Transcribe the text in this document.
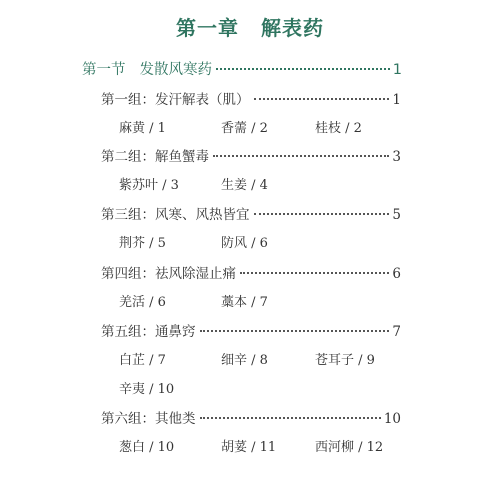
第一章 解表药
第一节 发散风寒药	1
第一组：发汗解表（肌）	1
麻黄 / 1	香薷 / 2	桂枝 / 2
第二组：解鱼蟹毒	3
紫苏叶 / 3	生姜 / 4
第三组：风寒、风热皆宜	5
荆芥 / 5	防风 / 6
第四组：祛风除湿止痛	6
羌活 / 6	藁本 / 7
第五组：通鼻窍	7
白芷 / 7	细辛 / 8	苍耳子 / 9
辛夷 / 10
第六组：其他类	10
葱白 / 10	胡荽 / 11	西河柳 / 12
